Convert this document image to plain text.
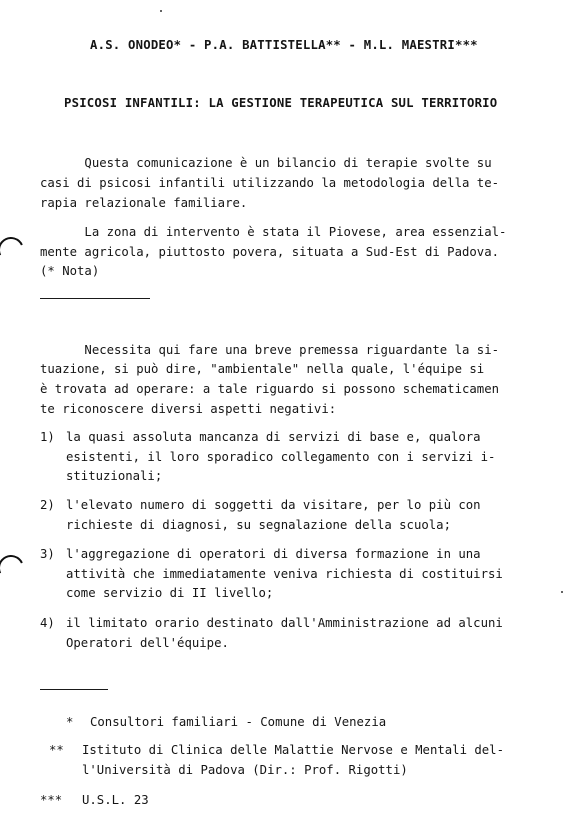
A.S. ONODEO* - P.A. BATTISTELLA** - M.L. MAESTRI***
PSICOSI INFANTILI: LA GESTIONE TERAPEUTICA SUL TERRITORIO
Questa comunicazione è un bilancio di terapie svolte su
casi di psicosi infantili utilizzando la metodologia della te-
rapia relazionale familiare.
La zona di intervento è stata il Piovese, area essenzial-
mente agricola, piuttosto povera, situata a Sud-Est di Padova.
(* Nota)
Necessita qui fare una breve premessa riguardante la si-
tuazione, si può dire, "ambientale" nella quale, l'équipe si
è trovata ad operare: a tale riguardo si possono schematicamen
te riconoscere diversi aspetti negativi:
1) la quasi assoluta mancanza di servizi di base e, qualora
esistenti, il loro sporadico collegamento con i servizi i-
stituzionali;
2) l'elevato numero di soggetti da visitare, per lo più con
richieste di diagnosi, su segnalazione della scuola;
3) l'aggregazione di operatori di diversa formazione in una
attività che immediatamente veniva richiesta di costituirsi
come servizio di II livello;
4) il limitato orario destinato dall'Amministrazione ad alcuni
Operatori dell'équipe.
* Consultori familiari - Comune di Venezia
** Istituto di Clinica delle Malattie Nervose e Mentali del-
l'Università di Padova (Dir.: Prof. Rigotti)
*** U.S.L. 23
